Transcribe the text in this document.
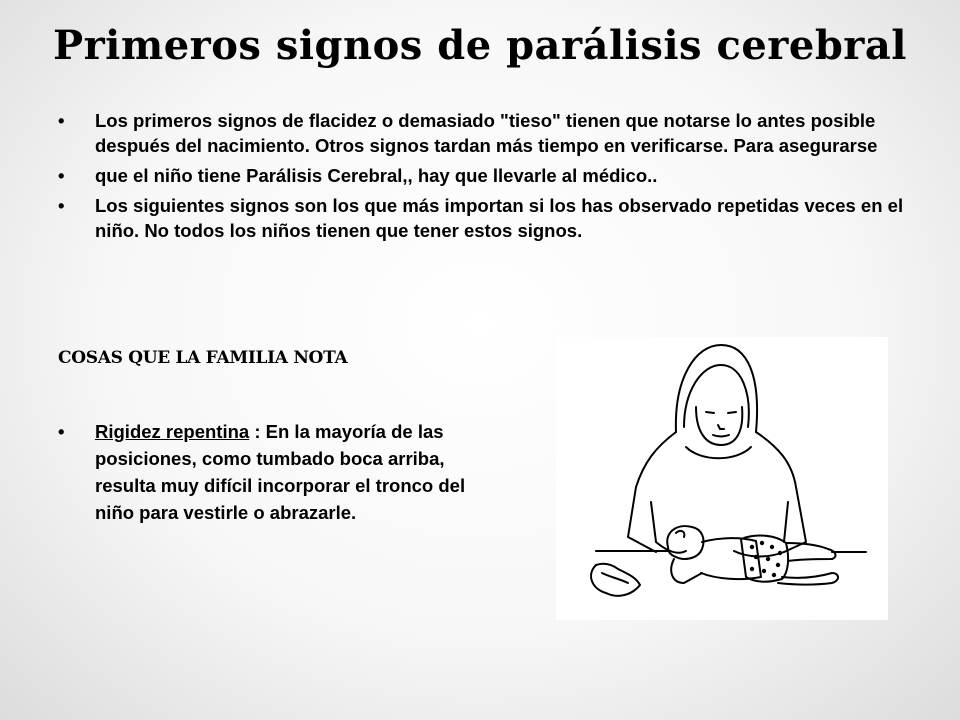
Primeros signos de parálisis cerebral
• Los primeros signos de flacidez o demasiado "tieso" tienen que notarse lo antes posible después del nacimiento. Otros signos tardan más tiempo en verificarse. Para asegurarse
• que el niño tiene Parálisis Cerebral,, hay que llevarle al médico..
• Los siguientes signos son los que más importan si los has observado repetidas veces en el niño. No todos los niños tienen que tener estos signos.
COSAS QUE LA FAMILIA NOTA
• Rigidez repentina : En la mayoría de las posiciones, como tumbado boca arriba, resulta muy difícil incorporar el tronco del niño para vestirle o abrazarle.
